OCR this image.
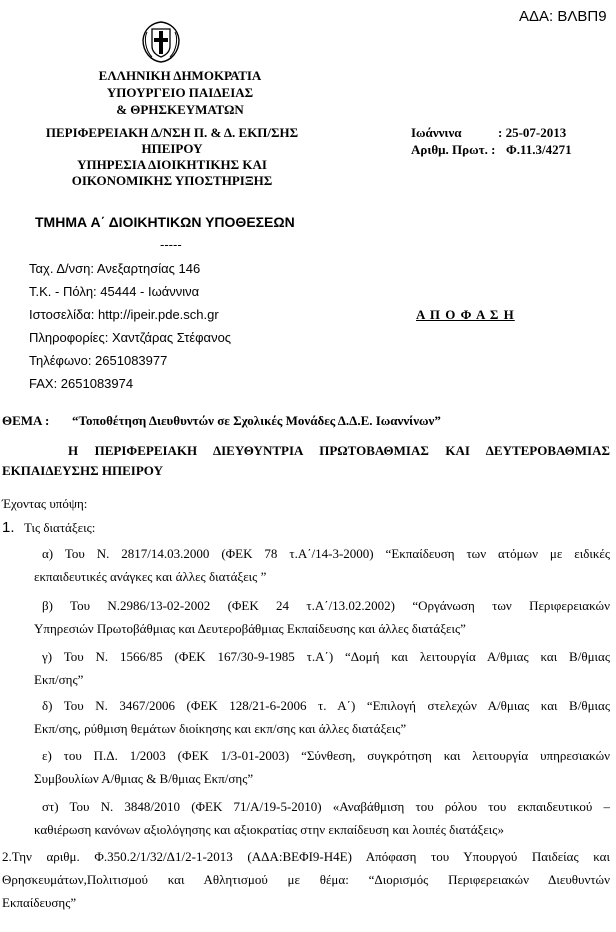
ΑΔΑ: ΒΛΒΠ9
ΕΛΛΗΝΙΚΗ ΔΗΜΟΚΡΑΤΙΑ
ΥΠΟΥΡΓΕΙΟ ΠΑΙΔΕΙΑΣ
& ΘΡΗΣΚΕΥΜΑΤΩΝ
ΠΕΡΙΦΕΡΕΙΑΚΗ Δ/ΝΣΗ Π. & Δ. ΕΚΠ/ΣΗΣ
ΗΠΕΙΡΟΥ
ΥΠΗΡΕΣΙΑ ΔΙΟΙΚΗΤΙΚΗΣ ΚΑΙ
ΟΙΚΟΝΟΜΙΚΗΣ ΥΠΟΣΤΗΡΙΞΗΣ
Ιωάννινα	: 25-07-2013
Αριθμ. Πρωτ. : Φ.11.3/4271
ΤΜΗΜΑ Α΄ ΔΙΟΙΚΗΤΙΚΩΝ ΥΠΟΘΕΣΕΩΝ
-----
Ταχ. Δ/νση: Ανεξαρτησίας 146
Τ.Κ. - Πόλη: 45444 - Ιωάννινα
Ιστοσελίδα: http://ipeir.pde.sch.gr
Πληροφορίες: Χαντζάρας Στέφανος
Τηλέφωνο: 2651083977
FAX: 2651083974
Α Π Ο Φ Α Σ Η
ΘΕΜΑ : “Τοποθέτηση Διευθυντών σε Σχολικές Μονάδες Δ.Δ.Ε. Ιωαννίνων”
Η ΠΕΡΙΦΕΡΕΙΑΚΗ ΔΙΕΥΘΥΝΤΡΙΑ ΠΡΩΤΟΒΑΘΜΙΑΣ ΚΑΙ ΔΕΥΤΕΡΟΒΑΘΜΙΑΣ
ΕΚΠΑΙΔΕΥΣΗΣ ΗΠΕΙΡΟΥ
Έχοντας υπόψη:
1. Τις διατάξεις:
α) Του Ν. 2817/14.03.2000 (ΦΕΚ 78 τ.Α΄/14-3-2000) “Εκπαίδευση των ατόμων με ειδικές
εκπαιδευτικές ανάγκες και άλλες διατάξεις ”
β) Του Ν.2986/13-02-2002 (ΦΕΚ 24 τ.Α΄/13.02.2002) “Οργάνωση των Περιφερειακών
Υπηρεσιών Πρωτοβάθμιας και Δευτεροβάθμιας Εκπαίδευσης και άλλες διατάξεις”
γ) Του Ν. 1566/85 (ΦΕΚ 167/30-9-1985 τ.Α΄) “Δομή και λειτουργία Α/θμιας και Β/θμιας
Εκπ/σης”
δ) Του Ν. 3467/2006 (ΦΕΚ 128/21-6-2006 τ. Α΄) “Επιλογή στελεχών Α/θμιας και Β/θμιας
Εκπ/σης, ρύθμιση θεμάτων διοίκησης και εκπ/σης και άλλες διατάξεις”
ε) του Π.Δ. 1/2003 (ΦΕΚ 1/3-01-2003) “Σύνθεση, συγκρότηση και λειτουργία υπηρεσιακών
Συμβουλίων Α/θμιας & Β/θμιας Εκπ/σης”
στ) Του Ν. 3848/2010 (ΦΕΚ 71/Α/19-5-2010) «Αναβάθμιση του ρόλου του εκπαιδευτικού –
καθιέρωση κανόνων αξιολόγησης και αξιοκρατίας στην εκπαίδευση και λοιπές διατάξεις»
2.Την αριθμ. Φ.350.2/1/32/Δ1/2-1-2013 (ΑΔΑ:ΒΕΦΙ9-Η4Ε) Απόφαση του Υπουργού Παιδείας και
Θρησκευμάτων,Πολιτισμού και Αθλητισμού με θέμα: “Διορισμός Περιφερειακών Διευθυντών
Εκπαίδευσης”
